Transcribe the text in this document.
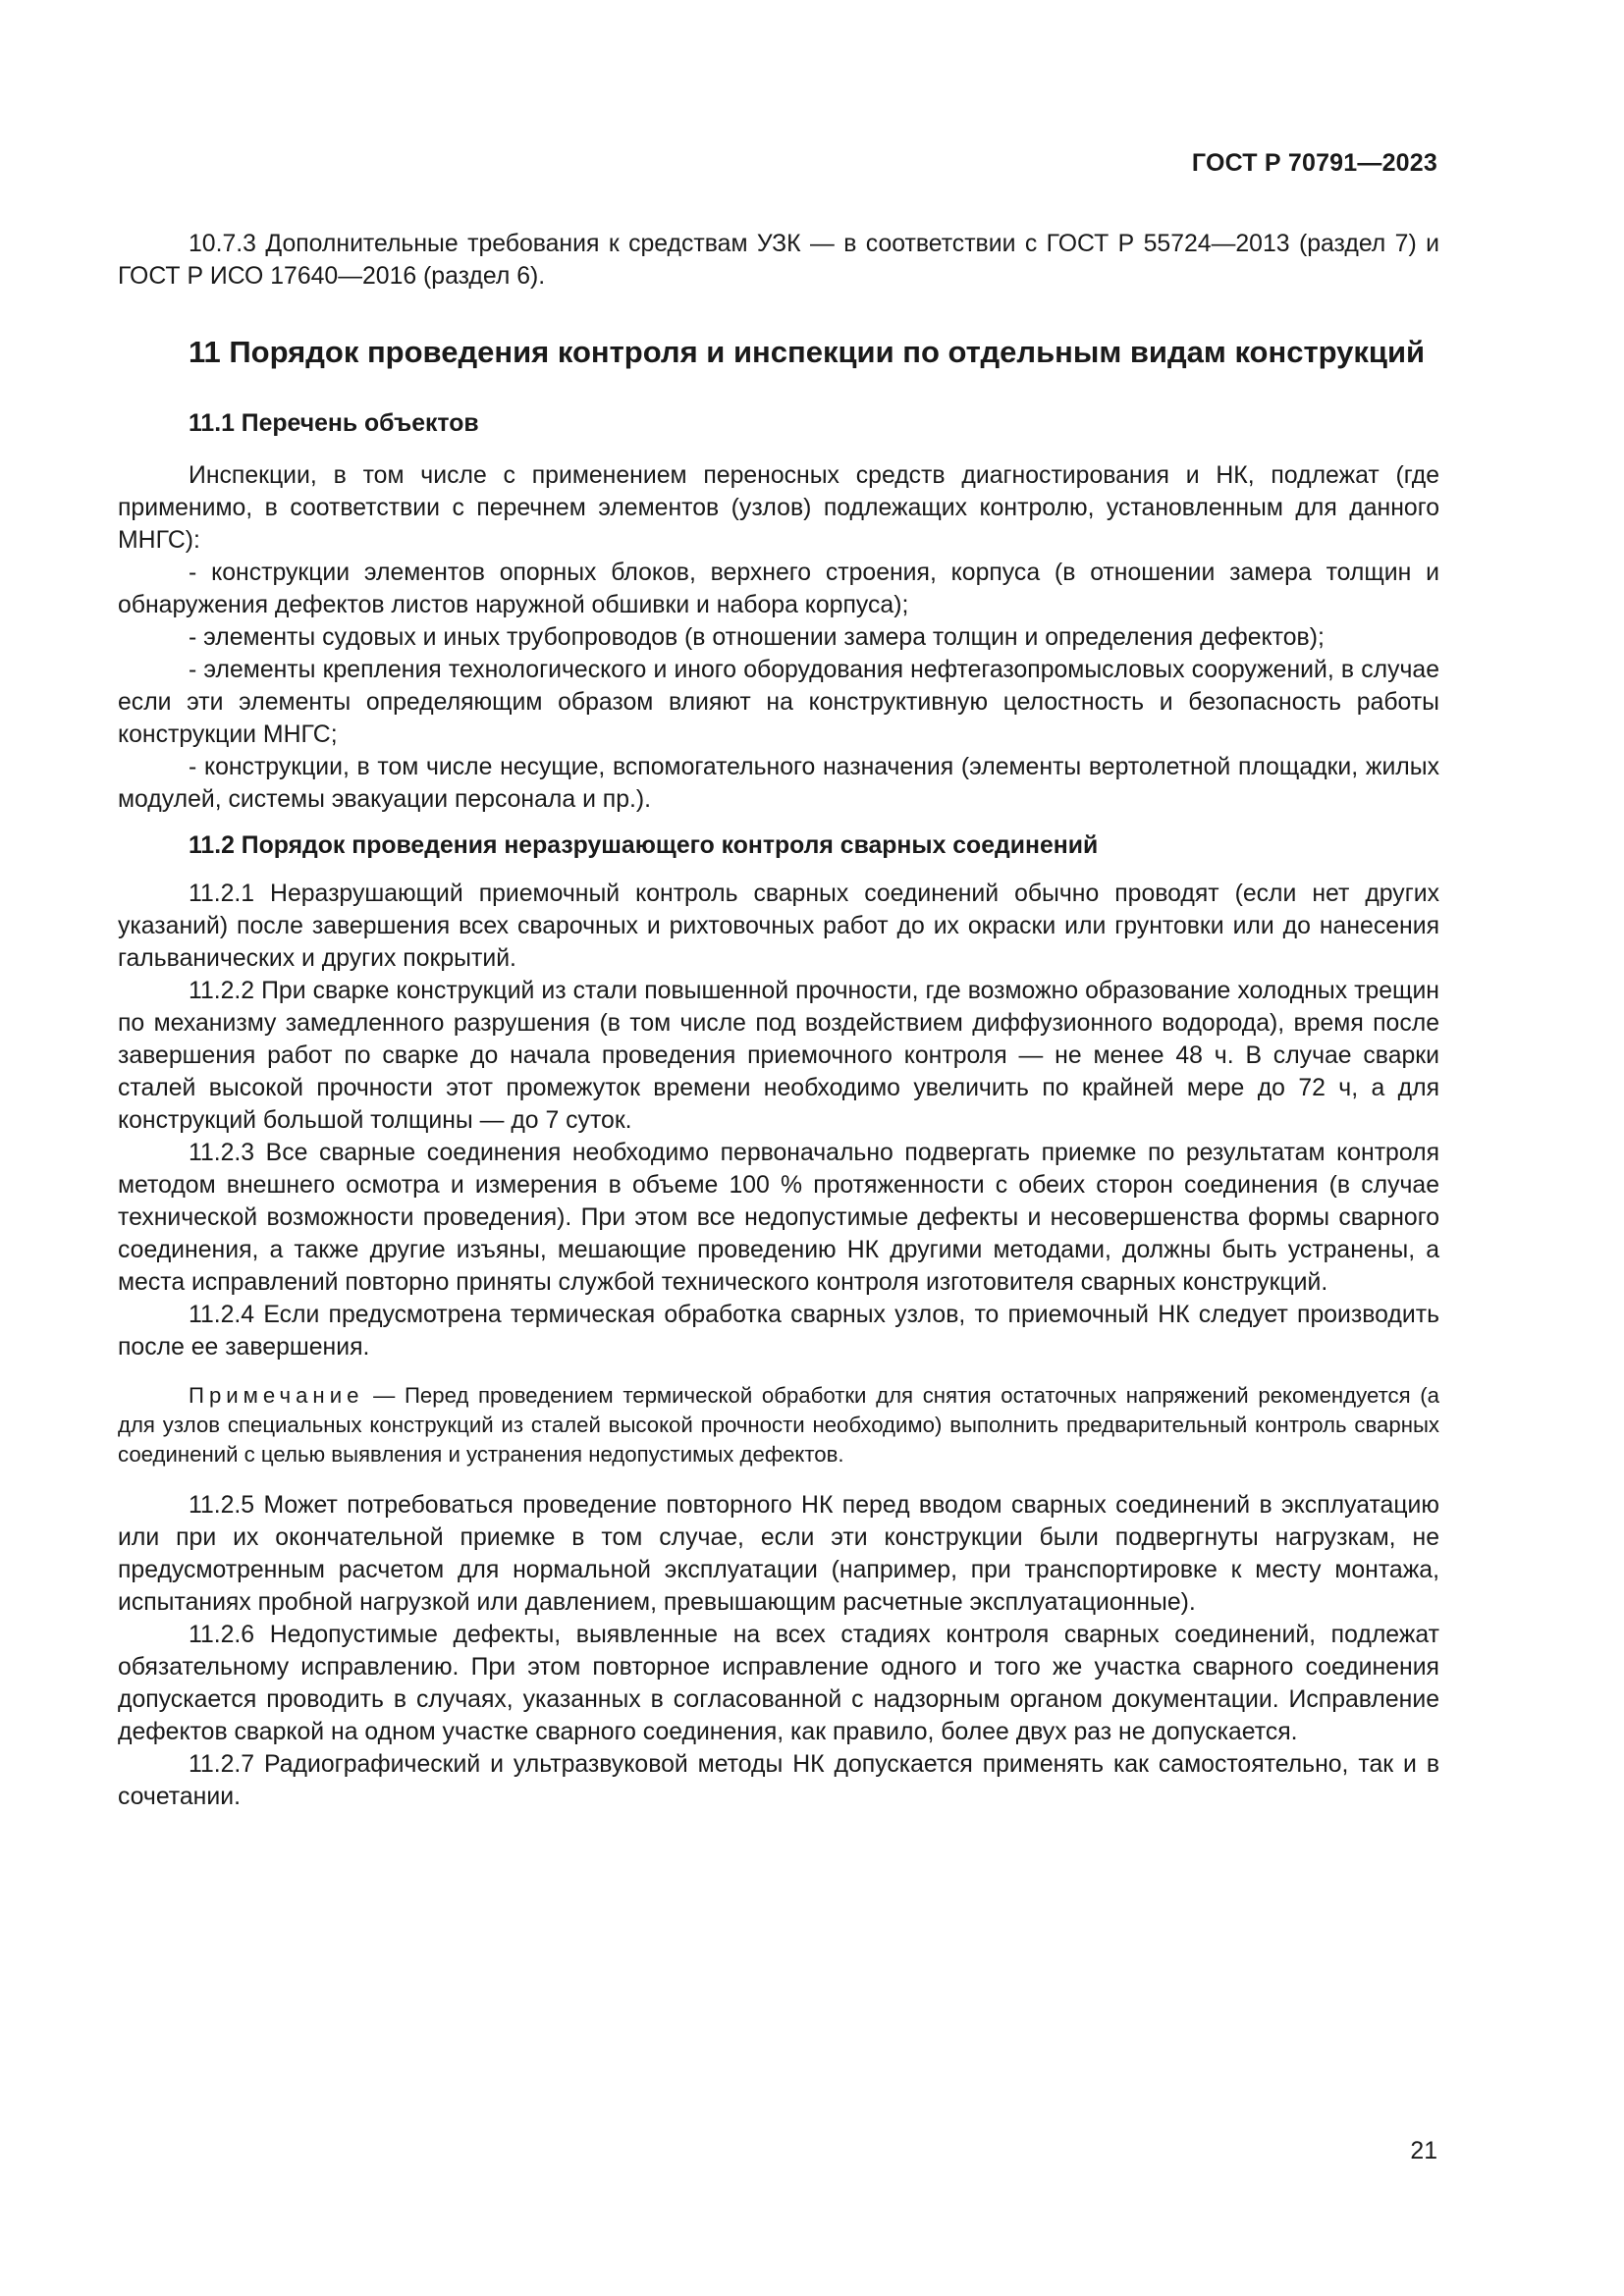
ГОСТ Р 70791—2023

10.7.3 Дополнительные требования к средствам УЗК — в соответствии с ГОСТ Р 55724—2013 (раздел 7) и ГОСТ Р ИСО 17640—2016 (раздел 6).

11 Порядок проведения контроля и инспекции по отдельным видам конструкций
11.1 Перечень объектов

Инспекции, в том числе с применением переносных средств диагностирования и НК, подлежат (где применимо, в соответствии с перечнем элементов (узлов) подлежащих контролю, установленным для данного МНГС):

- конструкции элементов опорных блоков, верхнего строения, корпуса (в отношении замера толщин и обнаружения дефектов листов наружной обшивки и набора корпуса);

- элементы судовых и иных трубопроводов (в отношении замера толщин и определения дефектов);

- элементы крепления технологического и иного оборудования нефтегазопромысловых сооружений, в случае если эти элементы определяющим образом влияют на конструктивную целостность и безопасность работы конструкции МНГС;

- конструкции, в том числе несущие, вспомогательного назначения (элементы вертолетной площадки, жилых модулей, системы эвакуации персонала и пр.).

11.2 Порядок проведения неразрушающего контроля сварных соединений

11.2.1 Неразрушающий приемочный контроль сварных соединений обычно проводят (если нет других указаний) после завершения всех сварочных и рихтовочных работ до их окраски или грунтовки или до нанесения гальванических и других покрытий.

11.2.2 При сварке конструкций из стали повышенной прочности, где возможно образование холодных трещин по механизму замедленного разрушения (в том числе под воздействием диффузионного водорода), время после завершения работ по сварке до начала проведения приемочного контроля — не менее 48 ч. В случае сварки сталей высокой прочности этот промежуток времени необходимо увеличить по крайней мере до 72 ч, а для конструкций большой толщины — до 7 суток.

11.2.3 Все сварные соединения необходимо первоначально подвергать приемке по результатам контроля методом внешнего осмотра и измерения в объеме 100 % протяженности с обеих сторон соединения (в случае технической возможности проведения). При этом все недопустимые дефекты и несовершенства формы сварного соединения, а также другие изъяны, мешающие проведению НК другими методами, должны быть устранены, а места исправлений повторно приняты службой технического контроля изготовителя сварных конструкций.

11.2.4 Если предусмотрена термическая обработка сварных узлов, то приемочный НК следует производить после ее завершения.

Примечание — Перед проведением термической обработки для снятия остаточных напряжений рекомендуется (а для узлов специальных конструкций из сталей высокой прочности необходимо) выполнить предварительный контроль сварных соединений с целью выявления и устранения недопустимых дефектов.

11.2.5 Может потребоваться проведение повторного НК перед вводом сварных соединений в эксплуатацию или при их окончательной приемке в том случае, если эти конструкции были подвергнуты нагрузкам, не предусмотренным расчетом для нормальной эксплуатации (например, при транспортировке к месту монтажа, испытаниях пробной нагрузкой или давлением, превышающим расчетные эксплуатационные).

11.2.6 Недопустимые дефекты, выявленные на всех стадиях контроля сварных соединений, подлежат обязательному исправлению. При этом повторное исправление одного и того же участка сварного соединения допускается проводить в случаях, указанных в согласованной с надзорным органом документации. Исправление дефектов сваркой на одном участке сварного соединения, как правило, более двух раз не допускается.

11.2.7 Радиографический и ультразвуковой методы НК допускается применять как самостоятельно, так и в сочетании.

21
